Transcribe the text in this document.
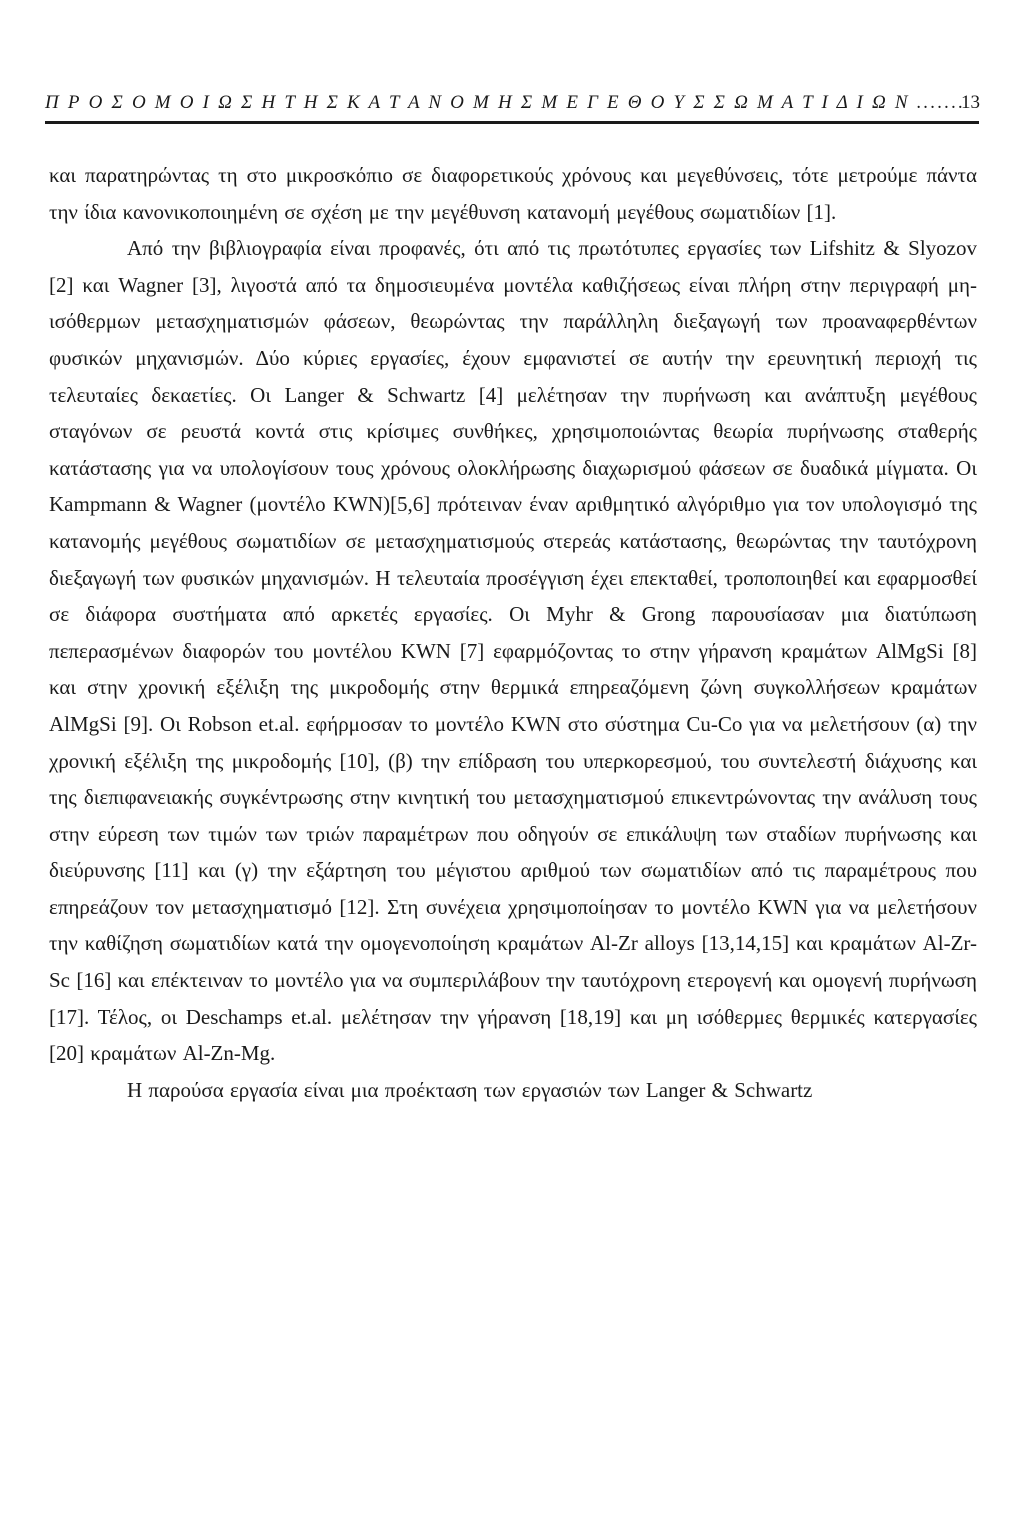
Π Ρ Ο Σ Ο Μ Ο Ι Ω Σ Η Τ Η Σ Κ Α Τ Α Ν Ο Μ Η Σ Μ Ε Γ Ε Θ Ο Υ Σ Σ Ω Μ Α Τ Ι Δ Ι Ω Ν .......
13

και παρατηρώντας τη στο μικροσκόπιο σε διαφορετικούς χρόνους και μεγεθύνσεις, τότε μετρούμε πάντα την ίδια κανονικοποιημένη σε σχέση με την μεγέθυνση κατανομή μεγέθους σωματιδίων [1].

Από την βιβλιογραφία είναι προφανές, ότι από τις πρωτότυπες εργασίες των Lifshitz & Slyozov [2] και Wagner [3], λιγοστά από τα δημοσιευμένα μοντέλα καθιζήσεως είναι πλήρη στην περιγραφή μη-ισόθερμων μετασχηματισμών φάσεων, θεωρώντας την παράλληλη διεξαγωγή των προαναφερθέντων φυσικών μηχανισμών. Δύο κύριες εργασίες, έχουν εμφανιστεί σε αυτήν την ερευνητική περιοχή τις τελευταίες δεκαετίες. Οι Langer & Schwartz [4] μελέτησαν την πυρήνωση και ανάπτυξη μεγέθους σταγόνων σε ρευστά κοντά στις κρίσιμες συνθήκες, χρησιμοποιώντας θεωρία πυρήνωσης σταθερής κατάστασης για να υπολογίσουν τους χρόνους ολοκλήρωσης διαχωρισμού φάσεων σε δυαδικά μίγματα. Οι Kampmann & Wagner (μοντέλο KWN)[5,6] πρότειναν έναν αριθμητικό αλγόριθμο για τον υπολογισμό της κατανομής μεγέθους σωματιδίων σε μετασχηματισμούς στερεάς κατάστασης, θεωρώντας την ταυτόχρονη διεξαγωγή των φυσικών μηχανισμών. Η τελευταία προσέγγιση έχει επεκταθεί, τροποποιηθεί και εφαρμοσθεί σε διάφορα συστήματα από αρκετές εργασίες. Οι Myhr & Grong παρουσίασαν μια διατύπωση πεπερασμένων διαφορών του μοντέλου KWN [7] εφαρμόζοντας το στην γήρανση κραμάτων AlMgSi [8] και στην χρονική εξέλιξη της μικροδομής στην θερμικά επηρεαζόμενη ζώνη συγκολλήσεων κραμάτων AlMgSi [9]. Οι Robson et.al. εφήρμοσαν το μοντέλο KWN στο σύστημα Cu-Co για να μελετήσουν (α) την χρονική εξέλιξη της μικροδομής [10], (β) την επίδραση του υπερκορεσμού, του συντελεστή διάχυσης και της διεπιφανειακής συγκέντρωσης στην κινητική του μετασχηματισμού επικεντρώνοντας την ανάλυση τους στην εύρεση των τιμών των τριών παραμέτρων που οδηγούν σε επικάλυψη των σταδίων πυρήνωσης και διεύρυνσης [11] και (γ) την εξάρτηση του μέγιστου αριθμού των σωματιδίων από τις παραμέτρους που επηρεάζουν τον μετασχηματισμό [12]. Στη συνέχεια χρησιμοποίησαν το μοντέλο KWN για να μελετήσουν την καθίζηση σωματιδίων κατά την ομογενοποίηση κραμάτων Al-Zr alloys [13,14,15] και κραμάτων Al-Zr-Sc [16] και επέκτειναν το μοντέλο για να συμπεριλάβουν την ταυτόχρονη ετερογενή και ομογενή πυρήνωση [17]. Τέλος, οι Deschamps et.al. μελέτησαν την γήρανση [18,19] και μη ισόθερμες θερμικές κατεργασίες [20] κραμάτων Al-Zn-Mg.

Η παρούσα εργασία είναι μια προέκταση των εργασιών των Langer & Schwartz
